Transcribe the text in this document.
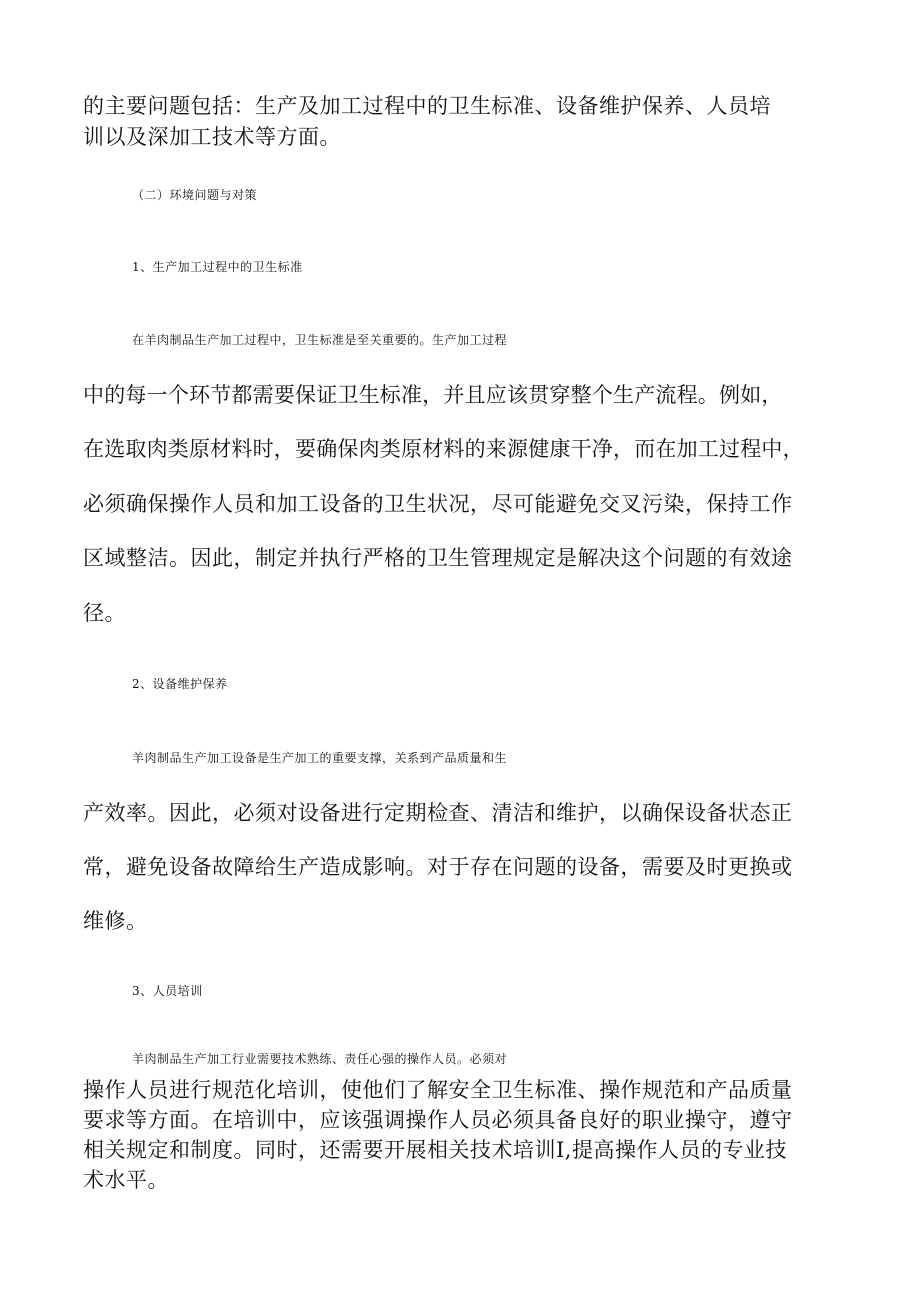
的主要问题包括：生产及加工过程中的卫生标准、设备维护保养、人员培
训以及深加工技术等方面。
（二）环境问题与对策
1、生产加工过程中的卫生标准
在羊肉制品生产加工过程中，卫生标准是至关重要的。生产加工过程
中的每一个环节都需要保证卫生标准，并且应该贯穿整个生产流程。例如，
在选取肉类原材料时，要确保肉类原材料的来源健康干净，而在加工过程中，
必须确保操作人员和加工设备的卫生状况，尽可能避免交叉污染，保持工作
区域整洁。因此，制定并执行严格的卫生管理规定是解决这个问题的有效途
径。
2、设备维护保养
羊肉制品生产加工设备是生产加工的重要支撑，关系到产品质量和生
产效率。因此，必须对设备进行定期检查、清洁和维护，以确保设备状态正
常，避免设备故障给生产造成影响。对于存在问题的设备，需要及时更换或
维修。
3、人员培训
羊肉制品生产加工行业需要技术熟练、责任心强的操作人员。必须对
操作人员进行规范化培训，使他们了解安全卫生标准、操作规范和产品质量
要求等方面。在培训中，应该强调操作人员必须具备良好的职业操守，遵守
相关规定和制度。同时，还需要开展相关技术培训I,提高操作人员的专业技
术水平。
